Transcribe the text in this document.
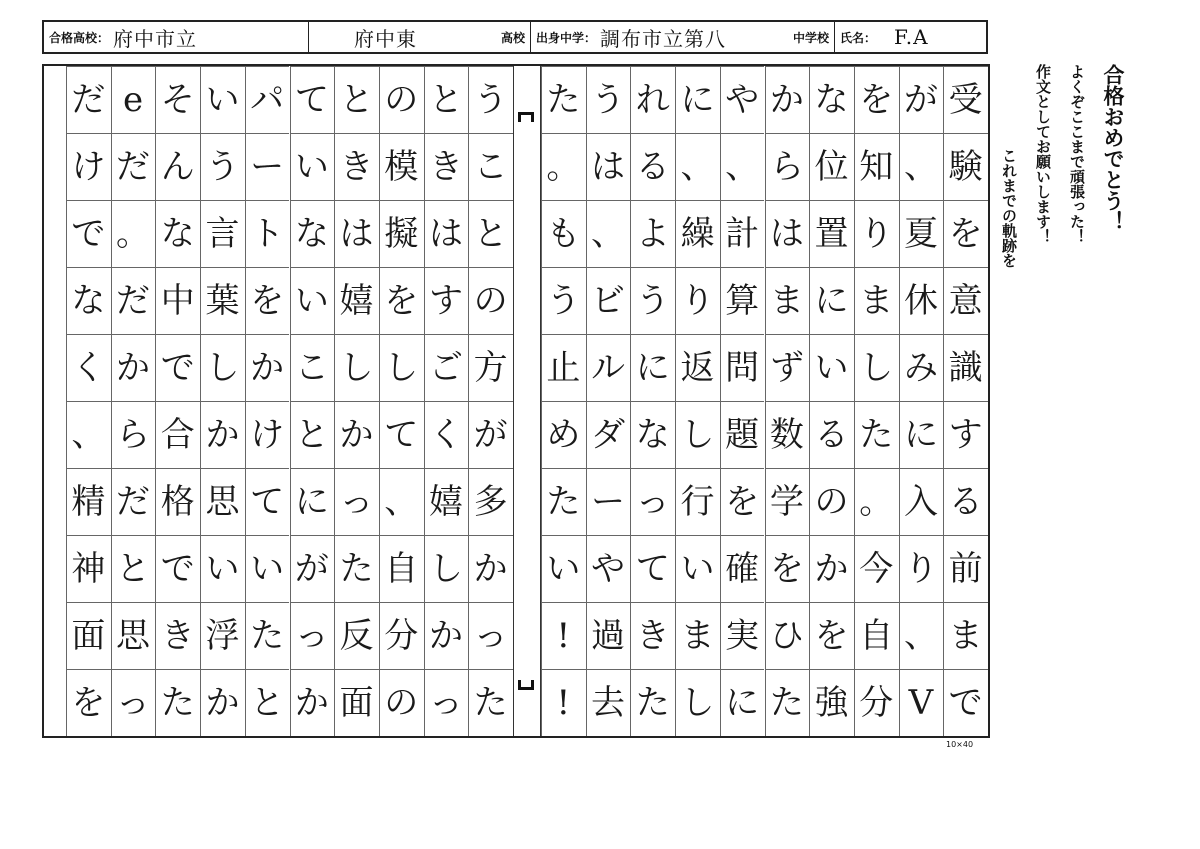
合格高校： 府中市立	府中東	高校 出身中学： 調布市立第八	中学校 氏名： F.A
受
験
を
意
識
す
る
前
ま
で
が
、
夏
休
み
に
入
り
、
V
を
知
り
ま
し
た
。
今
自
分
な
位
置
に
い
る
の
か
を
強
か
ら
は
ま
ず
数
学
を
ひ
た
や
、
計
算
問
題
を
確
実
に
に
、
繰
り
返
し
行
い
ま
し
れ
る
よ
う
に
な
っ
て
き
た
う
は
、
ビ
ル
ダ
ー
や
過
去
た
。
も
う
止
め
た
い
!
!
う
こ
と
の
方
が
多
か
っ
た
と
き
は
す
ご
く
嬉
し
か
っ
の
模
擬
を
し
て
、
自
分
の
と
き
は
嬉
し
か
っ
た
反
面
て
い
な
い
こ
と
に
が
っ
か
パ
ー
ト
を
か
け
て
い
た
と
い
う
言
葉
し
か
思
い
浮
か
そ
ん
な
中
で
合
格
で
き
た
e
だ
。
だ
か
ら
だ
と
思
っ
だ
け
で
な
く
、
精
神
面
を
10×40
合格おめでとう！
よくぞここまで頑張った！
作文としてお願いします！
これまでの軌跡を
